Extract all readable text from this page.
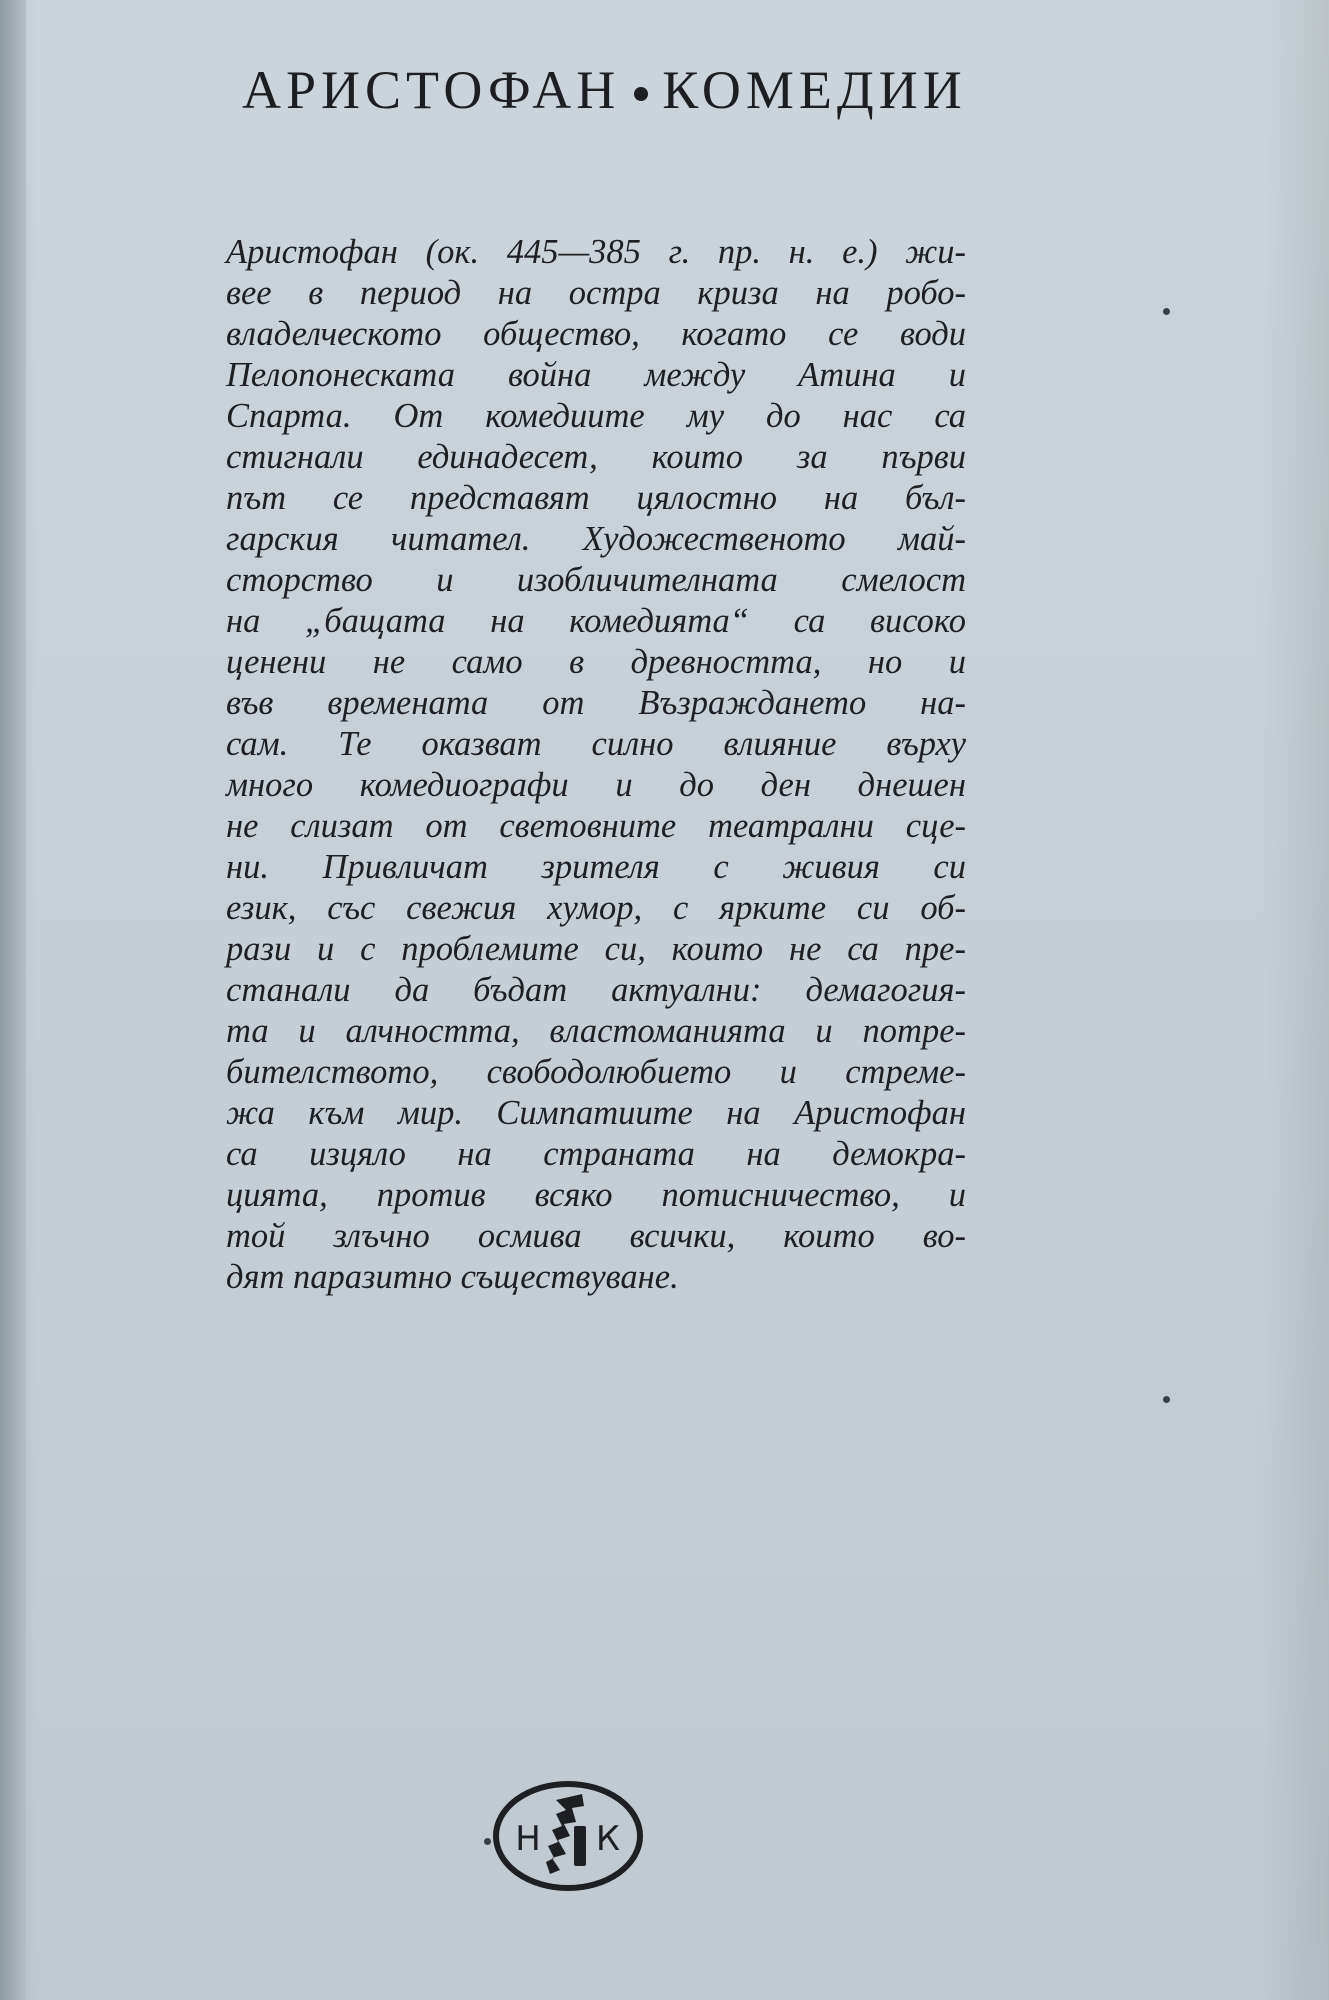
АРИСТОФАН КОМЕДИИ
Аристофан (ок. 445—385 г. пр. н. е.) жи-
вее в период на остра криза на робо-
владелческото общество, когато се води
Пелопонеската война между Атина и
Спарта. От комедиите му до нас са
стигнали единадесет, които за първи
път се представят цялостно на бъл-
гарския читател. Художественото май-
сторство и изобличителната смелост
на „бащата на комедията“ са високо
ценени не само в древността, но и
във времената от Възраждането на-
сам. Те оказват силно влияние върху
много комедиографи и до ден днешен
не слизат от световните театрални сце-
ни. Привличат зрителя с живия си
език, със свежия хумор, с ярките си об-
рази и с проблемите си, които не са пре-
станали да бъдат актуални: демагогия-
та и алчността, властоманията и потре-
бителството, свободолюбието и стреме-
жа към мир. Симпатиите на Аристофан
са изцяло на страната на демокра-
цията, против всяко потисничество, и
той злъчно осмива всички, които во-
дят паразитно съществуване.
Н К
